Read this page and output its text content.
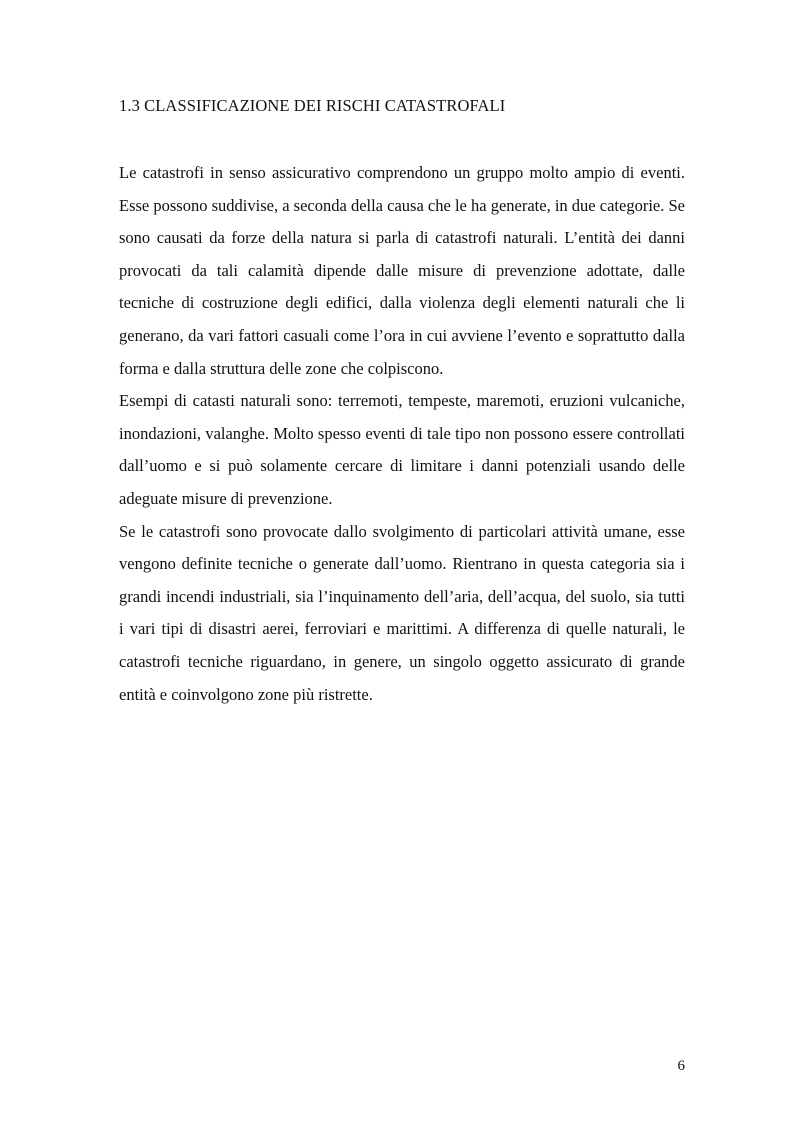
1.3 CLASSIFICAZIONE DEI RISCHI CATASTROFALI

Le catastrofi in senso assicurativo comprendono un gruppo molto ampio di eventi. Esse possono suddivise, a seconda della causa che le ha generate, in due categorie. Se sono causati da forze della natura si parla di catastrofi naturali. L’entità dei danni provocati da tali calamità dipende dalle misure di prevenzione adottate, dalle tecniche di costruzione degli edifici, dalla violenza degli elementi naturali che li generano, da vari fattori casuali come l’ora in cui avviene l’evento e soprattutto dalla forma e dalla struttura delle zone che colpiscono.

Esempi di catasti naturali sono: terremoti, tempeste, maremoti, eruzioni vulcaniche, inondazioni, valanghe. Molto spesso eventi di tale tipo non possono essere controllati dall’uomo e si può solamente cercare di limitare i danni potenziali usando delle adeguate misure di prevenzione.

Se le catastrofi sono provocate dallo svolgimento di particolari attività umane, esse vengono definite tecniche o generate dall’uomo. Rientrano in questa categoria sia i grandi incendi industriali, sia l’inquinamento dell’aria, dell’acqua, del suolo, sia tutti i vari tipi di disastri aerei, ferroviari e marittimi. A differenza di quelle naturali, le catastrofi tecniche riguardano, in genere, un singolo oggetto assicurato di grande entità e coinvolgono zone più ristrette.

6
